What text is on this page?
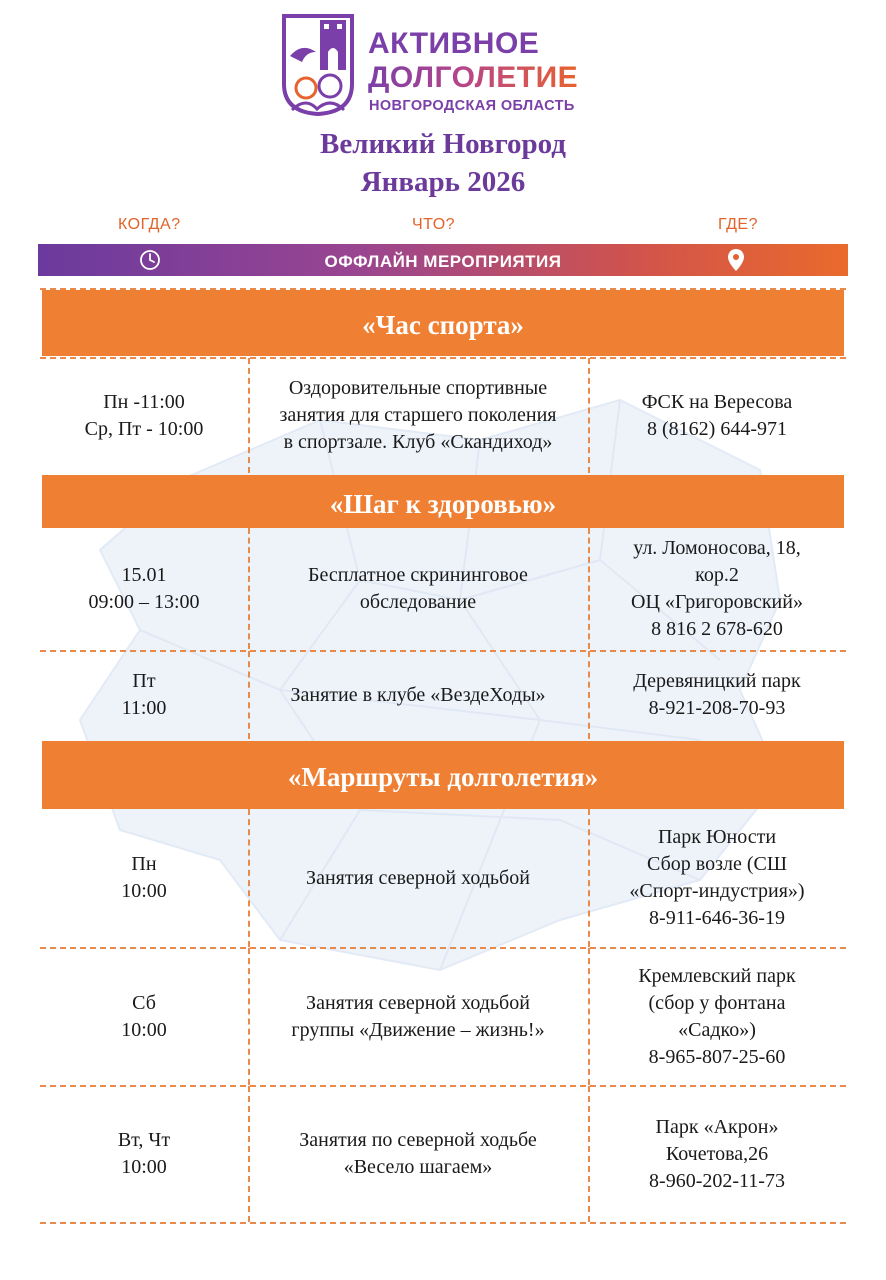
АКТИВНОЕ
ДОЛГОЛЕТИЕ
НОВГОРОДСКАЯ ОБЛАСТЬ
Великий Новгород
Январь 2026
КОГДА?	ЧТО?	ГДЕ?
ОФФЛАЙН МЕРОПРИЯТИЯ
«Час спорта»
Пн -11:00
Ср, Пт - 10:00
Оздоровительные спортивные
занятия для старшего поколения
в спортзале. Клуб «Скандиход»
ФСК на Вересова
8 (8162) 644-971
«Шаг к здоровью»
15.01
09:00 – 13:00
Бесплатное скрининговое
обследование
ул. Ломоносова, 18,
кор.2
ОЦ «Григоровский»
8 816 2 678-620
Пт
11:00
Занятие в клубе «ВездеХоды»
Деревяницкий парк
8-921-208-70-93
«Маршруты долголетия»
Пн
10:00
Занятия северной ходьбой
Парк Юности
Сбор возле (СШ
«Спорт-индустрия»)
8-911-646-36-19
Сб
10:00
Занятия северной ходьбой
группы «Движение – жизнь!»
Кремлевский парк
(сбор у фонтана
«Садко»)
8-965-807-25-60
Вт, Чт
10:00
Занятия по северной ходьбе
«Весело шагаем»
Парк «Акрон»
Кочетова,26
8-960-202-11-73
